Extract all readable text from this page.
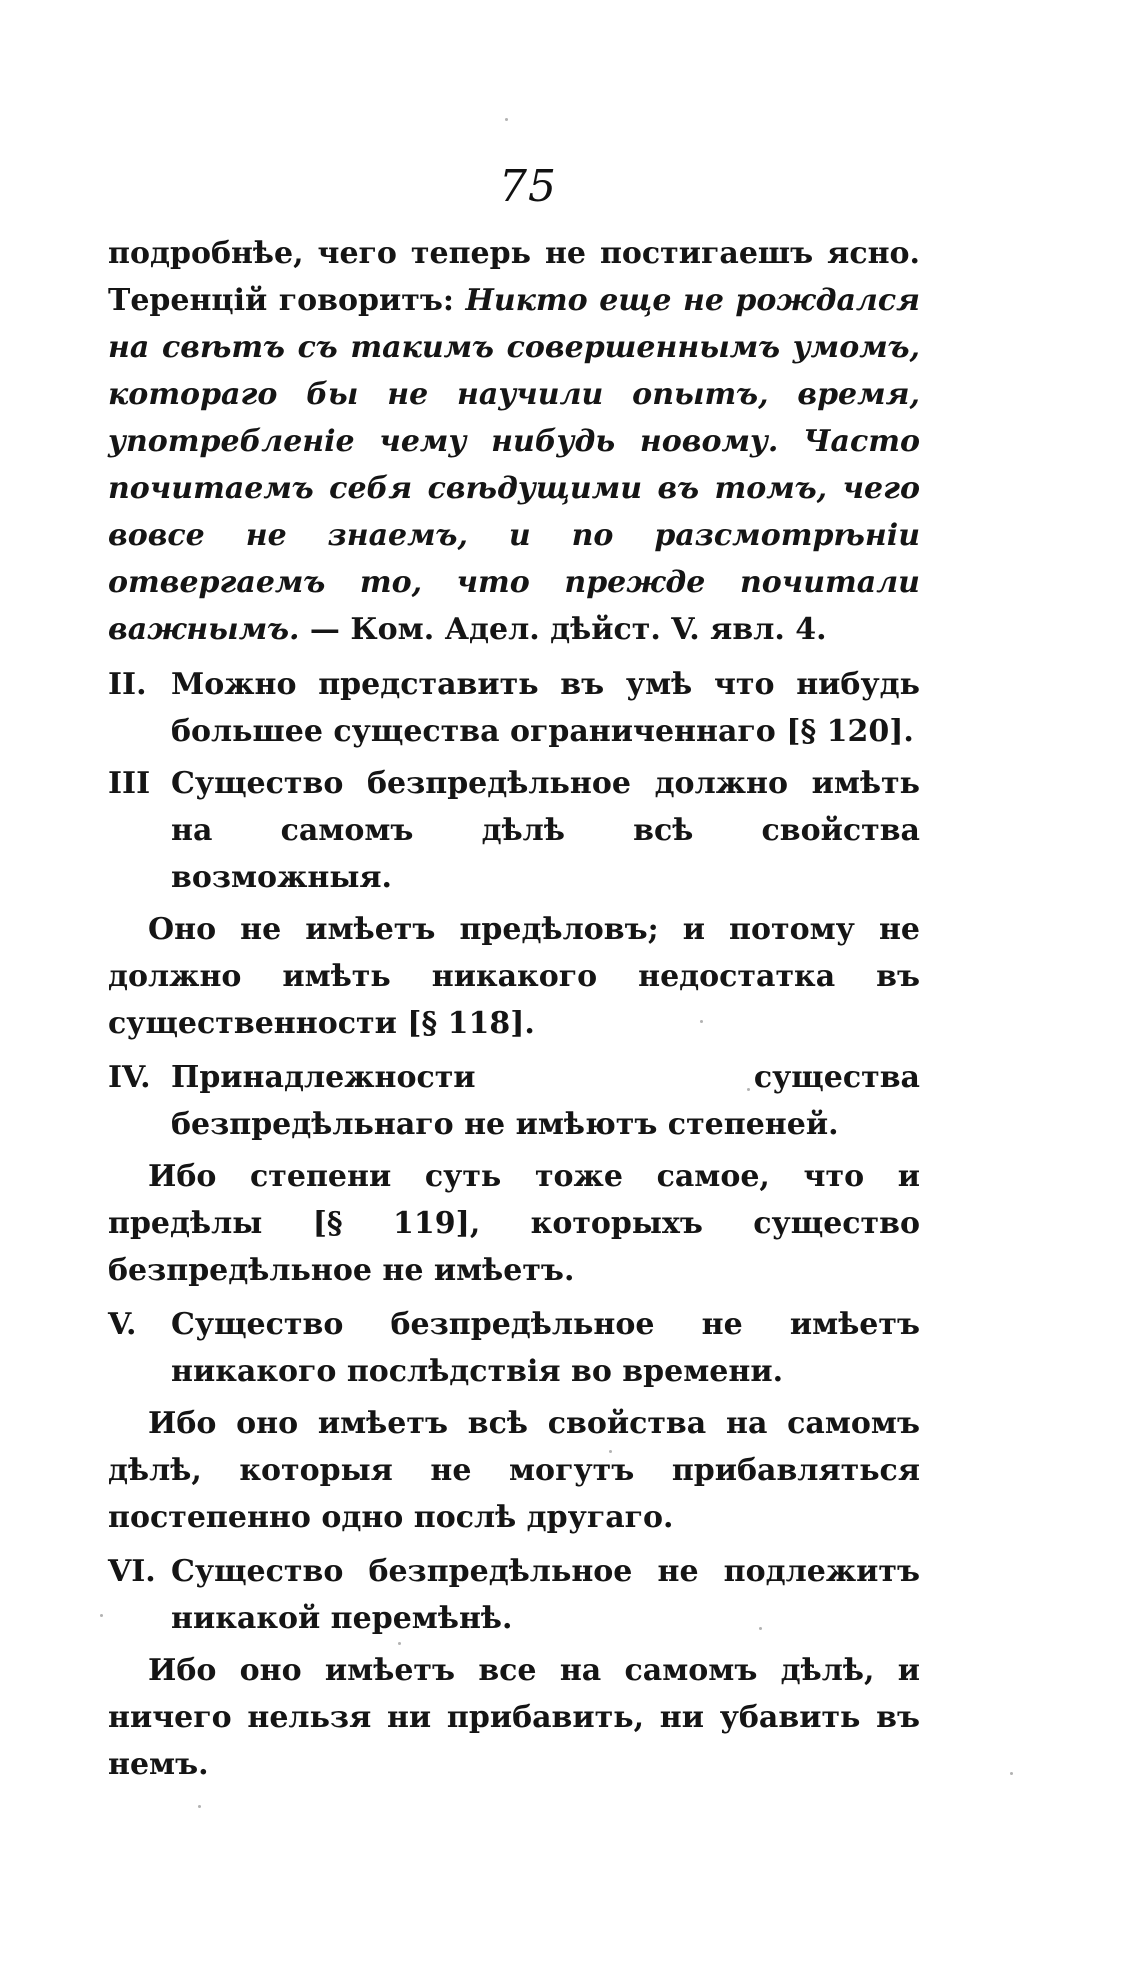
75

подробнѣе, чего теперь не постигаешъ ясно. Теренцій говоритъ: Никто еще не рождался на свѣтъ съ такимъ совершеннымъ умомъ, котораго бы не научили опытъ, время, употребленіе чему нибудь новому. Часто почитаемъ себя свѣдущими въ томъ, чего вовсе не знаемъ, и по разсмотрѣніи отвергаемъ то, что прежде почитали важнымъ. — Ком. Адел. дѣйст. V. явл. 4.

II. Можно представить въ умѣ что нибудь большее существа ограниченнаго [§ 120].
III Существо безпредѣльное должно имѣть на самомъ дѣлѣ всѣ свойства возможныя.

Оно не имѣетъ предѣловъ; и потому не должно имѣть никакого недостатка въ существенности [§ 118].

IV. Принадлежности существа безпредѣльнаго не имѣютъ степеней.

Ибо степени суть тоже самое, что и предѣлы [§ 119], которыхъ существо безпредѣльное не имѣетъ.

V.	Существо безпредѣльное не имѣетъ никакого послѣдствія во времени.

Ибо оно имѣетъ всѣ свойства на самомъ дѣлѣ, которыя не могутъ прибавляться постепенно одно послѣ другаго.

VI. Существо безпредѣльное не подлежитъ никакой перемѣнѣ.

Ибо оно имѣетъ все на самомъ дѣлѣ, и ничего нельзя ни прибавить, ни убавить въ немъ.
